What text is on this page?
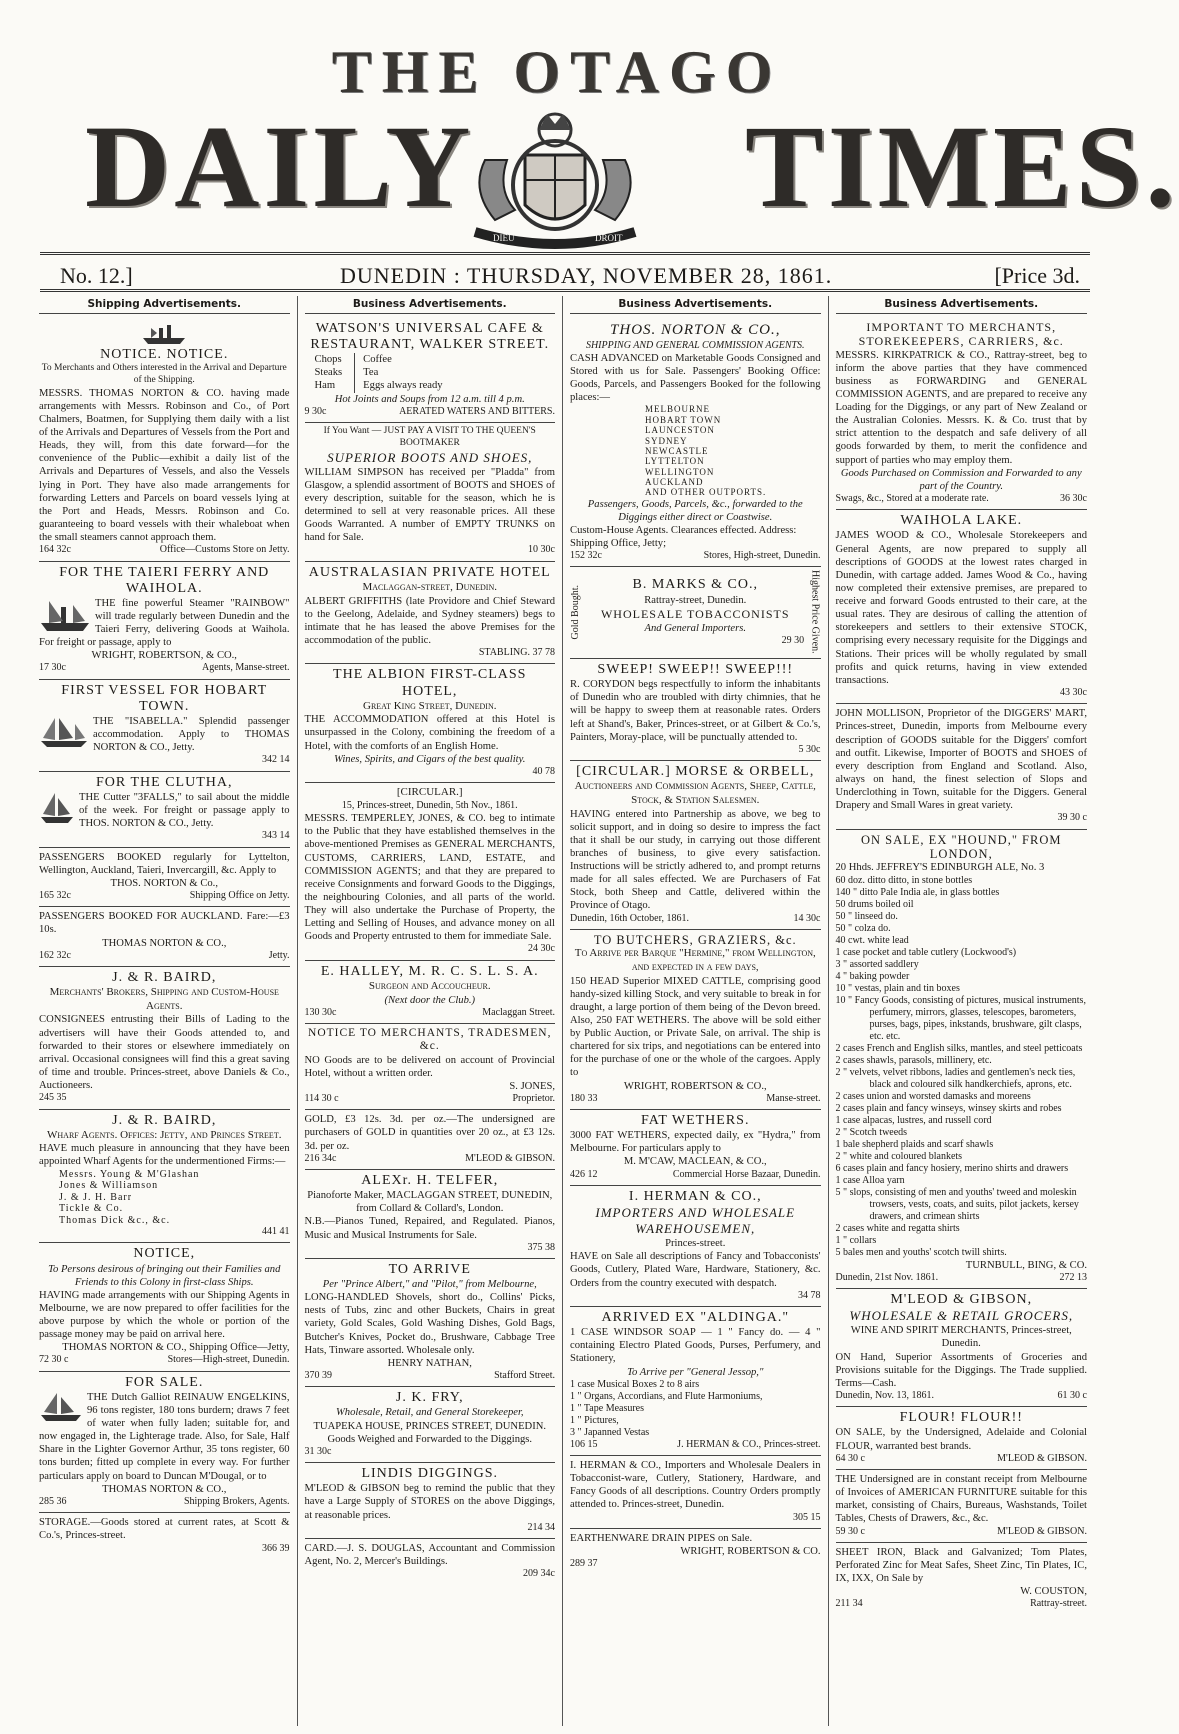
THE OTAGO
DAILY TIMES.
DIEU	DROIT
No. 12.]	DUNEDIN : THURSDAY, NOVEMBER 28, 1861.	[Price 3d.
Shipping Advertisements.
NOTICE. NOTICE.
To Merchants and Others interested in the Arrival and Departure of the Shipping.

MESSRS. THOMAS NORTON & CO. having made arrangements with Messrs. Robinson and Co., of Port Chalmers, Boatmen, for Supplying them daily with a list of the Arrivals and Departures of Vessels from the Port and Heads, they will, from this date forward—for the convenience of the Public—exhibit a daily list of the Arrivals and Departures of Vessels, and also the Vessels lying in Port. They have also made arrangements for forwarding Letters and Parcels on board vessels lying at the Port and Heads, Messrs. Robinson and Co. guaranteeing to board vessels with their whaleboat when the small steamers cannot approach them.

164 32c	Office—Customs Store on Jetty.
FOR THE TAIERI FERRY AND WAIHOLA.

THE fine powerful Steamer "RAINBOW" will trade regularly between Dunedin and the Taieri Ferry, delivering Goods at Waihola. For freight or passage, apply to

WRIGHT, ROBERTSON, & CO.,
17 30c	Agents, Manse-street.
FIRST VESSEL FOR HOBART TOWN.

THE "ISABELLA." Splendid passenger accommodation. Apply to THOMAS NORTON & CO., Jetty.

342 14
FOR THE CLUTHA,

THE Cutter "3FALLS," to sail about the middle of the week. For freight or passage apply to THOS. NORTON & CO., Jetty.

343 14

PASSENGERS BOOKED regularly for Lyttelton, Wellington, Auckland, Taieri, Invercargill, &c. Apply to

THOS. NORTON & Co.,
165 32c	Shipping Office on Jetty.

PASSENGERS BOOKED FOR AUCKLAND. Fare:—£3 10s.

THOMAS NORTON & CO.,
162 32c	Jetty.
J. & R. BAIRD,
Merchants' Brokers, Shipping and Custom-House Agents.

CONSIGNEES entrusting their Bills of Lading to the advertisers will have their Goods attended to, and forwarded to their stores or elsewhere immediately on arrival. Occasional consignees will find this a great saving of time and trouble. Princes-street, above Daniels & Co., Auctioneers.

245 35
J. & R. BAIRD,
Wharf Agents. Offices: Jetty, and Princes Street.

HAVE much pleasure in announcing that they have been appointed Wharf Agents for the undermentioned Firms:—

Messrs. Young & M'Glashan
Jones & Williamson
J. & J. H. Barr
Tickle & Co.
Thomas Dick &c., &c.
441 41
NOTICE,
To Persons desirous of bringing out their Families and Friends to this Colony in first-class Ships.

HAVING made arrangements with our Shipping Agents in Melbourne, we are now prepared to offer facilities for the above purpose by which the whole or portion of the passage money may be paid on arrival here.

THOMAS NORTON & CO., Shipping Office—Jetty,
72 30 c	Stores—High-street, Dunedin.
FOR SALE.

THE Dutch Galliot REINAUW ENGELKINS, 96 tons register, 180 tons burdern; draws 7 feet of water when fully laden; suitable for, and now engaged in, the Lighterage trade. Also, for Sale, Half Share in the Lighter Governor Arthur, 35 tons register, 60 tons burden; fitted up complete in every way. For further particulars apply on board to Duncan M'Dougal, or to

THOMAS NORTON & CO.,
285 36	Shipping Brokers, Agents.

STORAGE.—Goods stored at current rates, at Scott & Co.'s, Princes-street.

366 39
Business Advertisements.
WATSON'S UNIVERSAL CAFE & RESTAURANT, WALKER STREET.
Chops
Steaks
Ham
Coffee
Tea
Eggs always ready
Hot Joints and Soups from 12 a.m. till 4 p.m.
9 30c	AERATED WATERS AND BITTERS.
If You Want — JUST PAY A VISIT TO THE QUEEN'S BOOTMAKER
SUPERIOR BOOTS AND SHOES,

WILLIAM SIMPSON has received per "Pladda" from Glasgow, a splendid assortment of BOOTS and SHOES of every description, suitable for the season, which he is determined to sell at very reasonable prices. All these Goods Warranted. A number of EMPTY TRUNKS on hand for Sale.

10 30c
AUSTRALASIAN PRIVATE HOTEL
Maclaggan-street, Dunedin.

ALBERT GRIFFITHS (late Providore and Chief Steward to the Geelong, Adelaide, and Sydney steamers) begs to intimate that he has leased the above Premises for the accommodation of the public.

STABLING. 37 78
THE ALBION FIRST-CLASS HOTEL,
Great King Street, Dunedin.

THE ACCOMMODATION offered at this Hotel is unsurpassed in the Colony, combining the freedom of a Hotel, with the comforts of an English Home.

Wines, Spirits, and Cigars of the best quality.
40 78
[CIRCULAR.]
15, Princes-street, Dunedin, 5th Nov., 1861.

MESSRS. TEMPERLEY, JONES, & CO. beg to intimate to the Public that they have established themselves in the above-mentioned Premises as GENERAL MERCHANTS, CUSTOMS, CARRIERS, LAND, ESTATE, and COMMISSION AGENTS; and that they are prepared to receive Consignments and forward Goods to the Diggings, the neighbouring Colonies, and all parts of the world. They will also undertake the Purchase of Property, the Letting and Selling of Houses, and advance money on all Goods and Property entrusted to them for immediate Sale.

24 30c
E. HALLEY, M. R. C. S. L. S. A.
Surgeon and Accoucheur.
(Next door the Club.)
130 30c	Maclaggan Street.
NOTICE TO MERCHANTS, TRADESMEN, &c.

NO Goods are to be delivered on account of Provincial Hotel, without a written order.

S. JONES,
114 30 c	Proprietor.

GOLD, £3 12s. 3d. per oz.—The undersigned are purchasers of GOLD in quantities over 20 oz., at £3 12s. 3d. per oz.

216 34c	M'LEOD & GIBSON.
ALEXr. H. TELFER,
Pianoforte Maker, MACLAGGAN STREET, DUNEDIN, from Collard & Collard's, London.

N.B.—Pianos Tuned, Repaired, and Regulated. Pianos, Music and Musical Instruments for Sale.

375 38
TO ARRIVE
Per "Prince Albert," and "Pilot," from Melbourne,

LONG-HANDLED Shovels, short do., Collins' Picks, nests of Tubs, zinc and other Buckets, Chairs in great variety, Gold Scales, Gold Washing Dishes, Gold Bags, Butcher's Knives, Pocket do., Brushware, Cabbage Tree Hats, Tinware assorted. Wholesale only.

HENRY NATHAN,
370 39	Stafford Street.
J. K. FRY,
Wholesale, Retail, and General Storekeeper,
TUAPEKA HOUSE, PRINCES STREET, DUNEDIN.

Goods Weighed and Forwarded to the Diggings.

31 30c
LINDIS DIGGINGS.

M'LEOD & GIBSON beg to remind the public that they have a Large Supply of STORES on the above Diggings, at reasonable prices.

214 34

CARD.—J. S. DOUGLAS, Accountant and Commission Agent, No. 2, Mercer's Buildings.

209 34c
Business Advertisements.
THOS. NORTON & CO.,
SHIPPING AND GENERAL COMMISSION AGENTS.

CASH ADVANCED on Marketable Goods Consigned and Stored with us for Sale. Passengers' Booking Office: Goods, Parcels, and Passengers Booked for the following places:—

MELBOURNE
HOBART TOWN
LAUNCESTON
SYDNEY
NEWCASTLE
LYTTELTON
WELLINGTON
AUCKLAND
AND OTHER OUTPORTS.
Passengers, Goods, Parcels, &c., forwarded to the Diggings either direct or Coastwise.
Custom-House Agents. Clearances effected. Address: Shipping Office, Jetty;
152 32c	Stores, High-street, Dunedin.
Gold Bought.
B. MARKS & CO.,
Rattray-street, Dunedin.
WHOLESALE TOBACCONISTS
And General Importers.
29 30 Highest Price Given.
SWEEP! SWEEP!! SWEEP!!!

R. CORYDON begs respectfully to inform the inhabitants of Dunedin who are troubled with dirty chimnies, that he will be happy to sweep them at reasonable rates. Orders left at Shand's, Baker, Princes-street, or at Gilbert & Co.'s, Painters, Moray-place, will be punctually attended to.

5 30c
[CIRCULAR.] MORSE & ORBELL,
Auctioneers and Commission Agents, Sheep, Cattle, Stock, & Station Salesmen.

HAVING entered into Partnership as above, we beg to solicit support, and in doing so desire to impress the fact that it shall be our study, in carrying out those different branches of business, to give every satisfaction. Instructions will be strictly adhered to, and prompt returns made for all sales effected. We are Purchasers of Fat Stock, both Sheep and Cattle, delivered within the Province of Otago.

Dunedin, 16th October, 1861.	14 30c
TO BUTCHERS, GRAZIERS, &c.
To Arrive per Barque "Hermine," from Wellington, and expected in a few days,

150 HEAD Superior MIXED CATTLE, comprising good handy-sized killing Stock, and very suitable to break in for draught, a large portion of them being of the Devon breed. Also, 250 FAT WETHERS. The above will be sold either by Public Auction, or Private Sale, on arrival. The ship is chartered for six trips, and negotiations can be entered into for the purchase of one or the whole of the cargoes. Apply to

WRIGHT, ROBERTSON & CO.,
180 33	Manse-street.
FAT WETHERS.

3000 FAT WETHERS, expected daily, ex "Hydra," from Melbourne. For particulars apply to

M. M'CAW, MACLEAN, & CO.,
426 12	Commercial Horse Bazaar, Dunedin.
I. HERMAN & CO.,
IMPORTERS AND WHOLESALE WAREHOUSEMEN,
Princes-street.

HAVE on Sale all descriptions of Fancy and Tobacconists' Goods, Cutlery, Plated Ware, Hardware, Stationery, &c. Orders from the country executed with despatch.

34 78
ARRIVED EX "ALDINGA."

1 CASE WINDSOR SOAP — 1 " Fancy do. — 4 " containing Electro Plated Goods, Purses, Perfumery, and Stationery,

To Arrive per "General Jessop,"
1 case Musical Boxes 2 to 8 airs
1 " Organs, Accordians, and Flute Harmoniums,
1 " Tape Measures
1 " Pictures,
3 " Japanned Vestas
106 15	J. HERMAN & CO., Princes-street.

I. HERMAN & CO., Importers and Wholesale Dealers in Tobacconist-ware, Cutlery, Stationery, Hardware, and Fancy Goods of all descriptions. Country Orders promptly attended to. Princes-street, Dunedin.

305 15

EARTHENWARE DRAIN PIPES on Sale.

WRIGHT, ROBERTSON & CO.
289 37
Business Advertisements.
IMPORTANT TO MERCHANTS, STOREKEEPERS, CARRIERS, &c.

MESSRS. KIRKPATRICK & CO., Rattray-street, beg to inform the above parties that they have commenced business as FORWARDING and GENERAL COMMISSION AGENTS, and are prepared to receive any Loading for the Diggings, or any part of New Zealand or the Australian Colonies. Messrs. K. & Co. trust that by strict attention to the despatch and safe delivery of all goods forwarded by them, to merit the confidence and support of parties who may employ them.

Goods Purchased on Commission and Forwarded to any part of the Country.
Swags, &c., Stored at a moderate rate.	36 30c
WAIHOLA LAKE.

JAMES WOOD & CO., Wholesale Storekeepers and General Agents, are now prepared to supply all descriptions of GOODS at the lowest rates charged in Dunedin, with cartage added. James Wood & Co., having now completed their extensive premises, are prepared to receive and forward Goods entrusted to their care, at the usual rates. They are desirous of calling the attention of storekeepers and settlers to their extensive STOCK, comprising every necessary requisite for the Diggings and Stations. Their prices will be wholly regulated by small profits and quick returns, having in view extended transactions.

43 30c

JOHN MOLLISON, Proprietor of the DIGGERS' MART, Princes-street, Dunedin, imports from Melbourne every description of GOODS suitable for the Diggers' comfort and outfit. Likewise, Importer of BOOTS and SHOES of every description from England and Scotland. Also, always on hand, the finest selection of Slops and Underclothing in Town, suitable for the Diggers. General Drapery and Small Wares in great variety.

39 30 c
ON SALE, EX "HOUND," FROM LONDON,

20 Hhds. JEFFREY'S EDINBURGH ALE, No. 3

60 doz. ditto ditto, in stone bottles
140 " ditto Pale India ale, in glass bottles
50 drums boiled oil
50 " linseed do.
50 " colza do.
40 cwt. white lead
1 case pocket and table cutlery (Lockwood's)
3 " assorted saddlery
4 " baking powder
10 " vestas, plain and tin boxes
10 " Fancy Goods, consisting of pictures, musical instruments, perfumery, mirrors, glasses, telescopes, barometers, purses, bags, pipes, inkstands, brushware, gilt clasps, etc. etc.
2 cases French and English silks, mantles, and steel petticoats
2 cases shawls, parasols, millinery, etc.
2 " velvets, velvet ribbons, ladies and gentlemen's neck ties, black and coloured silk handkerchiefs, aprons, etc.
2 cases union and worsted damasks and moreens
2 cases plain and fancy winseys, winsey skirts and robes
1 case alpacas, lustres, and russell cord
2 " Scotch tweeds
1 bale shepherd plaids and scarf shawls
2 " white and coloured blankets
6 cases plain and fancy hosiery, merino shirts and drawers
1 case Alloa yarn
5 " slops, consisting of men and youths' tweed and moleskin trowsers, vests, coats, and suits, pilot jackets, kersey drawers, and crimean shirts
2 cases white and regatta shirts
1 " collars
5 bales men and youths' scotch twill shirts.
TURNBULL, BING, & CO.
Dunedin, 21st Nov. 1861.	272 13
M'LEOD & GIBSON,
WHOLESALE & RETAIL GROCERS,
WINE AND SPIRIT MERCHANTS, Princes-street, Dunedin.

ON Hand, Superior Assortments of Groceries and Provisions suitable for the Diggings. The Trade supplied. Terms—Cash.

Dunedin, Nov. 13, 1861.	61 30 c
FLOUR! FLOUR!!

ON SALE, by the Undersigned, Adelaide and Colonial FLOUR, warranted best brands.

64 30 c	M'LEOD & GIBSON.

THE Undersigned are in constant receipt from Melbourne of Invoices of AMERICAN FURNITURE suitable for this market, consisting of Chairs, Bureaus, Washstands, Toilet Tables, Chests of Drawers, &c., &c.

59 30 c	M'LEOD & GIBSON.

SHEET IRON, Black and Galvanized; Tom Plates, Perforated Zinc for Meat Safes, Sheet Zinc, Tin Plates, IC, IX, IXX, On Sale by

W. COUSTON,
211 34	Rattray-street.
